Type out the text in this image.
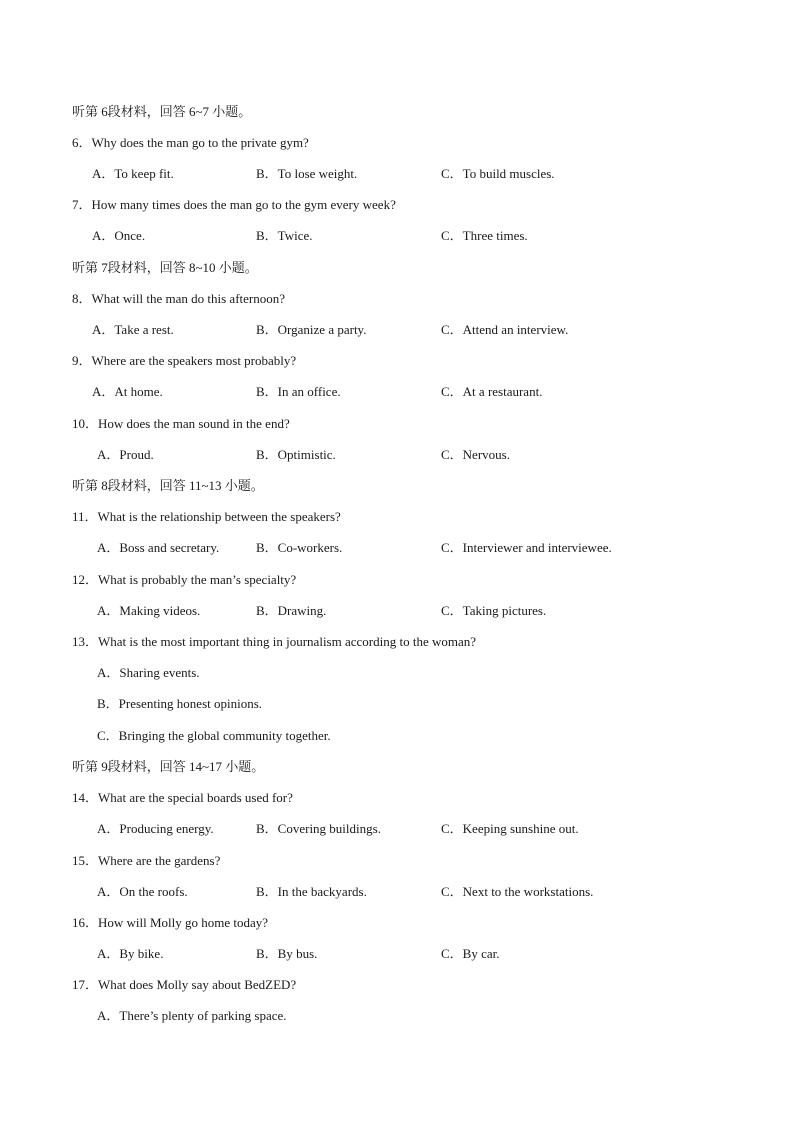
听第 6段材料，回答 6~7 小题。
6．Why does the man go to the private gym?
A．To keep fit.	B．To lose weight.	C．To build muscles.
7．How many times does the man go to the gym every week?
A．Once.	B．Twice.	C．Three times.
听第 7段材料，回答 8~10 小题。
8．What will the man do this afternoon?
A．Take a rest.	B．Organize a party.	C．Attend an interview.
9．Where are the speakers most probably?
A．At home.	B．In an office.	C．At a restaurant.
10．How does the man sound in the end?
A．Proud.	B．Optimistic.	C．Nervous.
听第 8段材料，回答 11~13 小题。
11．What is the relationship between the speakers?
A．Boss and secretary.	B．Co-workers.	C．Interviewer and interviewee.
12．What is probably the man’s specialty?
A．Making videos.	B．Drawing.	C．Taking pictures.
13．What is the most important thing in journalism according to the woman?
A．Sharing events.
B．Presenting honest opinions.
C．Bringing the global community together.
听第 9段材料，回答 14~17 小题。
14．What are the special boards used for?
A．Producing energy.	B．Covering buildings.	C．Keeping sunshine out.
15．Where are the gardens?
A．On the roofs.	B．In the backyards.	C．Next to the workstations.
16．How will Molly go home today?
A．By bike.	B．By bus.	C．By car.
17．What does Molly say about BedZED?
A．There’s plenty of parking space.
